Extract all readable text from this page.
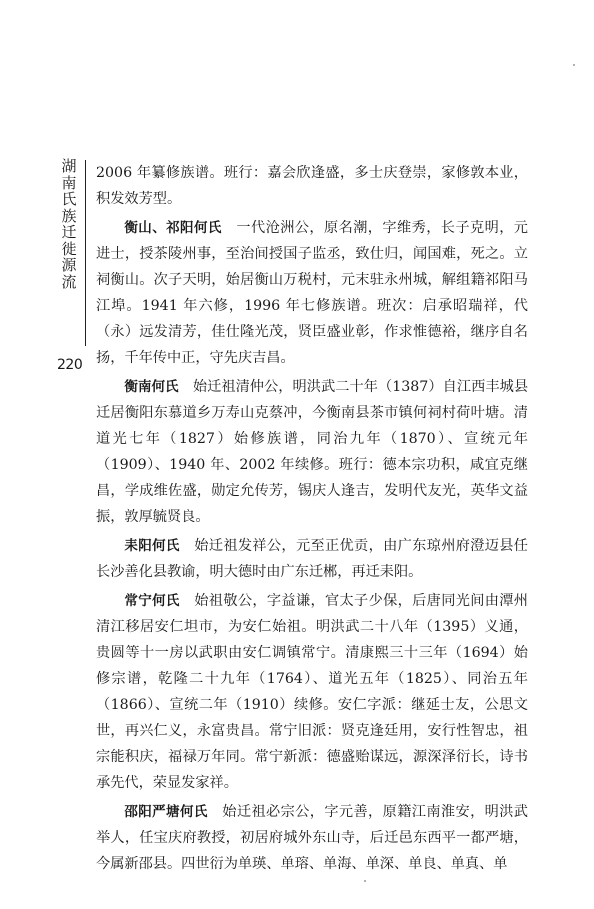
湖
南
氏
族
迁
徙
源
流
220

2006 年纂修族谱。班行：嘉会欣逢盛，多士庆登崇，家修敦本业，积发效芳型。

衡山、祁阳何氏　一代沧洲公，原名潮，字维秀，长子克明，元进士，授茶陵州事，至治间授国子监丞，致仕归，闻国难，死之。立祠衡山。次子天明，始居衡山万税村，元末驻永州城，解组籍祁阳马江埠。1941 年六修，1996 年七修族谱。班次：启承昭瑞祥，代（永）远发清芳，佳仕隆光茂，贤臣盛业彰，作求惟德裕，继序自名扬，千年传中正，守先庆吉昌。

衡南何氏　始迁祖清仲公，明洪武二十年（1387）自江西丰城县迁居衡阳东慕道乡万寿山克蔡冲，今衡南县茶市镇何祠村荷叶塘。清道光七年（1827）始修族谱，同治九年（1870）、宣统元年（1909）、1940 年、2002 年续修。班行：德本宗功积，咸宜克继昌，学成维佐盛，勋定允传芳，锡庆人逢吉，发明代友光，英华文益振，敦厚毓贤良。

耒阳何氏　始迁祖发祥公，元至正优贡，由广东琼州府澄迈县任长沙善化县教谕，明大德时由广东迁郴，再迁耒阳。

常宁何氏　始祖敬公，字益谦，官太子少保，后唐同光间由潭州清江移居安仁坦市，为安仁始祖。明洪武二十八年（1395）义通，贵圆等十一房以武职由安仁调镇常宁。清康熙三十三年（1694）始修宗谱，乾隆二十九年（1764）、道光五年（1825）、同治五年（1866）、宣统二年（1910）续修。安仁字派：继延士友，公思文世，再兴仁义，永富贵昌。常宁旧派：贤克逢廷用，安行性智忠，祖宗能积庆，福禄万年同。常宁新派：德盛贻谋远，源深泽衍长，诗书承先代，荣显发家祥。

邵阳严塘何氏　始迁祖必宗公，字元善，原籍江南淮安，明洪武举人，任宝庆府教授，初居府城外东山寺，后迁邑东西平一都严塘，今属新邵县。四世衍为单瑛、单瑢、单海、单深、单良、单真、单
